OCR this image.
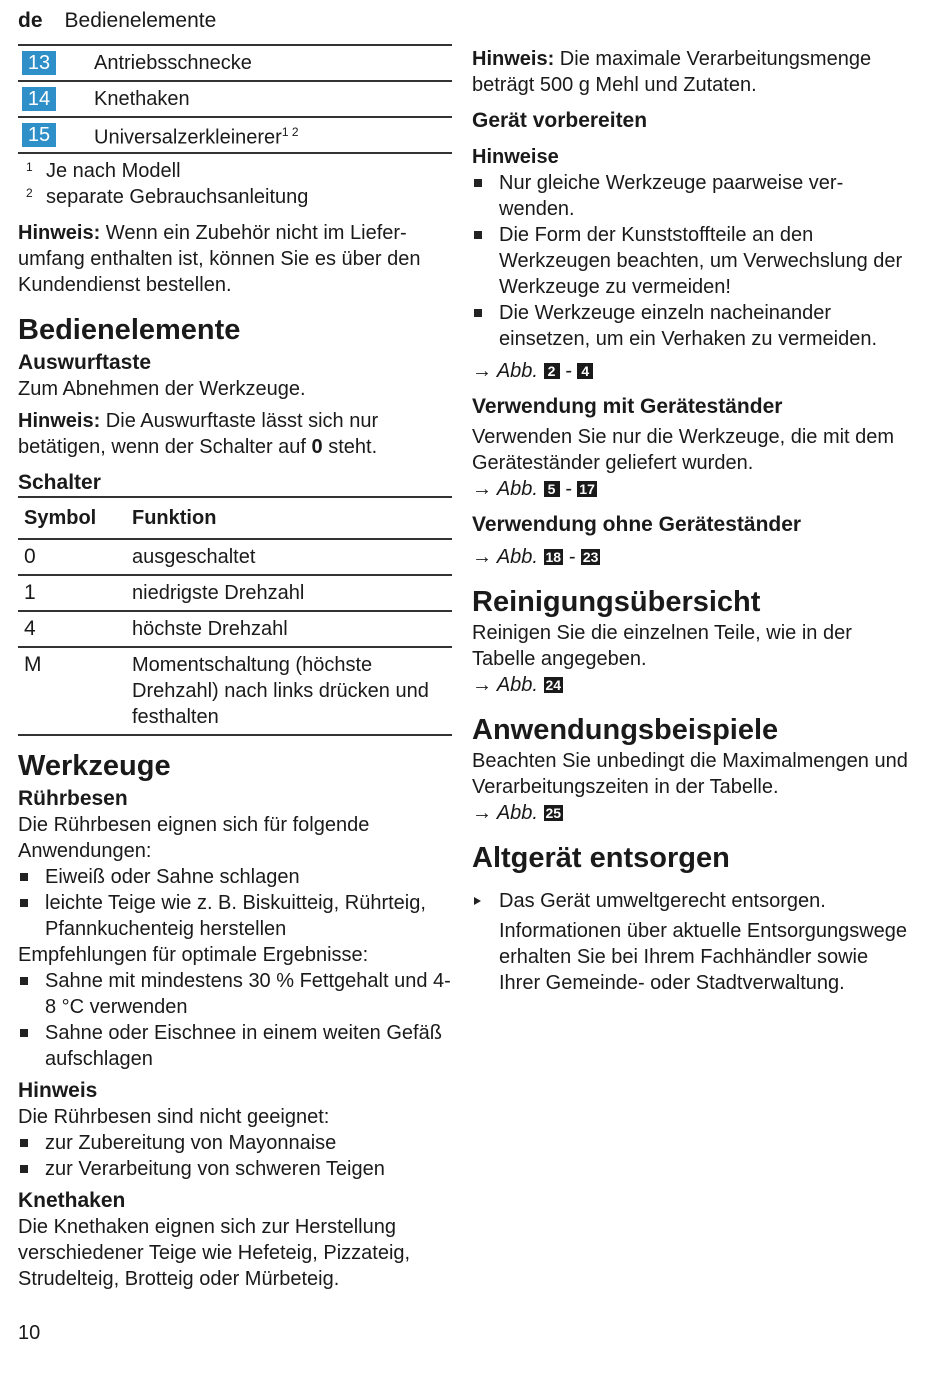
de Bedienelemente
13	Antriebsschnecke
14	Knethaken
15	Universalzerkleinerer$^{1 2}$
1 Je nach Modell
2 separate Gebrauchsanleitung

Hinweis: Wenn ein Zubehör nicht im Lieferumfang enthalten ist, können Sie es über den Kundendienst bestellen.

Bedienelemente
Auswurftaste

Zum Abnehmen der Werkzeuge.

Hinweis: Die Auswurftaste lässt sich nur betätigen, wenn der Schalter auf 0 steht.

Schalter
Symbol	Funktion
0	ausgeschaltet
1	niedrigste Drehzahl
4	höchste Drehzahl
M	Momentschaltung (höchste Drehzahl) nach links drücken und festhalten
Werkzeuge
Rührbesen

Die Rührbesen eignen sich für folgende Anwendungen:

Eiweiß oder Sahne schlagen
leichte Teige wie z. B. Biskuitteig, Rührteig, Pfannkuchenteig herstellen

Empfehlungen für optimale Ergebnisse:

Sahne mit mindestens 30 % Fettgehalt und 4-8 °C verwenden
Sahne oder Eischnee in einem weiten Gefäß aufschlagen
Hinweis

Die Rührbesen sind nicht geeignet:

zur Zubereitung von Mayonnaise
zur Verarbeitung von schweren Teigen
Knethaken

Die Knethaken eignen sich zur Herstellung verschiedener Teige wie Hefeteig, Pizzateig, Strudelteig, Brotteig oder Mürbeteig.

Hinweis: Die maximale Verarbeitungsmenge beträgt 500 g Mehl und Zutaten.

Gerät vorbereiten
Hinweise
Nur gleiche Werkzeuge paarweise verwenden.
Die Form der Kunststoffteile an den Werkzeugen beachten, um Verwechslung der Werkzeuge zu vermeiden!
Die Werkzeuge einzeln nacheinander einsetzen, um ein Verhaken zu vermeiden.

→ Abb. 2 - 4

Verwendung mit Geräteständer

Verwenden Sie nur die Werkzeuge, die mit dem Geräteständer geliefert wurden.

→ Abb. 5 - 17

Verwendung ohne Geräteständer

→ Abb. 18 - 23

Reinigungsübersicht

Reinigen Sie die einzelnen Teile, wie in der Tabelle angegeben.

→ Abb. 24

Anwendungsbeispiele

Beachten Sie unbedingt die Maximalmengen und Verarbeitungszeiten in der Tabelle.

→ Abb. 25

Altgerät entsorgen
Das Gerät umweltgerecht entsorgen.

Informationen über aktuelle Entsorgungswege erhalten Sie bei Ihrem Fachhändler sowie Ihrer Gemeinde- oder Stadtverwaltung.

10
